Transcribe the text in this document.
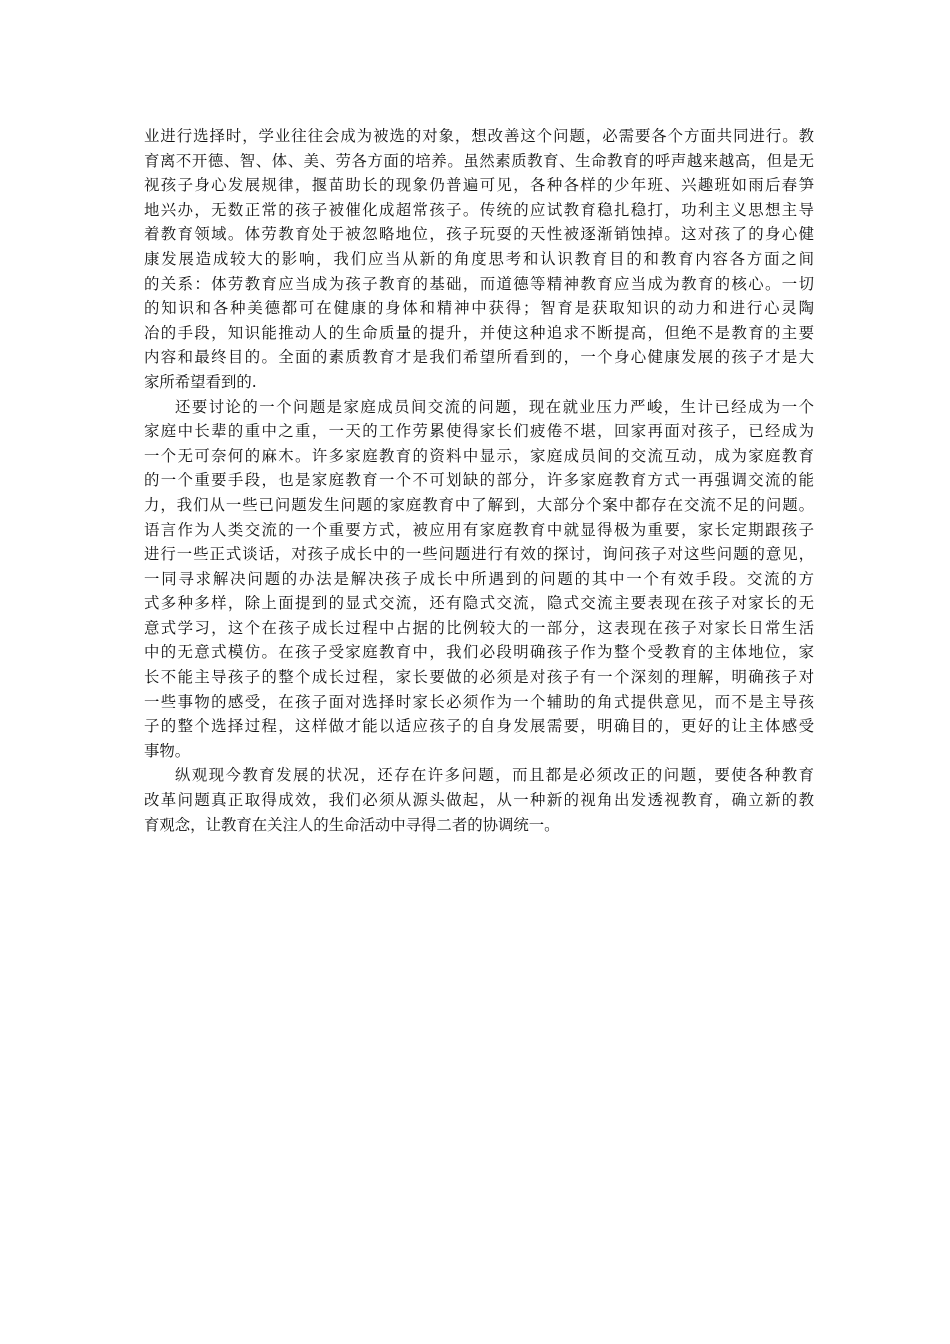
业进行选择时，学业往往会成为被选的对象，想改善这个问题，必需要各个方面共同进行。教
育离不开德、智、体、美、劳各方面的培养。虽然素质教育、生命教育的呼声越来越高，但是无
视孩子身心发展规律，揠苗助长的现象仍普遍可见，各种各样的少年班、兴趣班如雨后春笋
地兴办，无数正常的孩子被催化成超常孩子。传统的应试教育稳扎稳打，功利主义思想主导
着教育领域。体劳教育处于被忽略地位，孩子玩耍的天性被逐渐销蚀掉。这对孩了的身心健
康发展造成较大的影响，我们应当从新的角度思考和认识教育目的和教育内容各方面之间
的关系：体劳教育应当成为孩子教育的基础，而道德等精神教育应当成为教育的核心。一切
的知识和各种美德都可在健康的身体和精神中获得；智育是获取知识的动力和进行心灵陶
冶的手段，知识能推动人的生命质量的提升，并使这种追求不断提高，但绝不是教育的主要
内容和最终目的。全面的素质教育才是我们希望所看到的，一个身心健康发展的孩子才是大
家所希望看到的.
还要讨论的一个问题是家庭成员间交流的问题，现在就业压力严峻，生计已经成为一个
家庭中长辈的重中之重，一天的工作劳累使得家长们疲倦不堪，回家再面对孩子，已经成为
一个无可奈何的麻木。许多家庭教育的资料中显示，家庭成员间的交流互动，成为家庭教育
的一个重要手段，也是家庭教育一个不可划缺的部分，许多家庭教育方式一再强调交流的能
力，我们从一些已问题发生问题的家庭教育中了解到，大部分个案中都存在交流不足的问题。
语言作为人类交流的一个重要方式，被应用有家庭教育中就显得极为重要，家长定期跟孩子
进行一些正式谈话，对孩子成长中的一些问题进行有效的探讨，询问孩子对这些问题的意见，
一同寻求解决问题的办法是解决孩子成长中所遇到的问题的其中一个有效手段。交流的方
式多种多样，除上面提到的显式交流，还有隐式交流，隐式交流主要表现在孩子对家长的无
意式学习，这个在孩子成长过程中占据的比例较大的一部分，这表现在孩子对家长日常生活
中的无意式模仿。在孩子受家庭教育中，我们必段明确孩子作为整个受教育的主体地位，家
长不能主导孩子的整个成长过程，家长要做的必须是对孩子有一个深刻的理解，明确孩子对
一些事物的感受，在孩子面对选择时家长必须作为一个辅助的角式提供意见，而不是主导孩
子的整个选择过程，这样做才能以适应孩子的自身发展需要，明确目的，更好的让主体感受
事物。
纵观现今教育发展的状况，还存在许多问题，而且都是必须改正的问题，要使各种教育
改革问题真正取得成效，我们必须从源头做起，从一种新的视角出发透视教育，确立新的教
育观念，让教育在关注人的生命活动中寻得二者的协调统一。
